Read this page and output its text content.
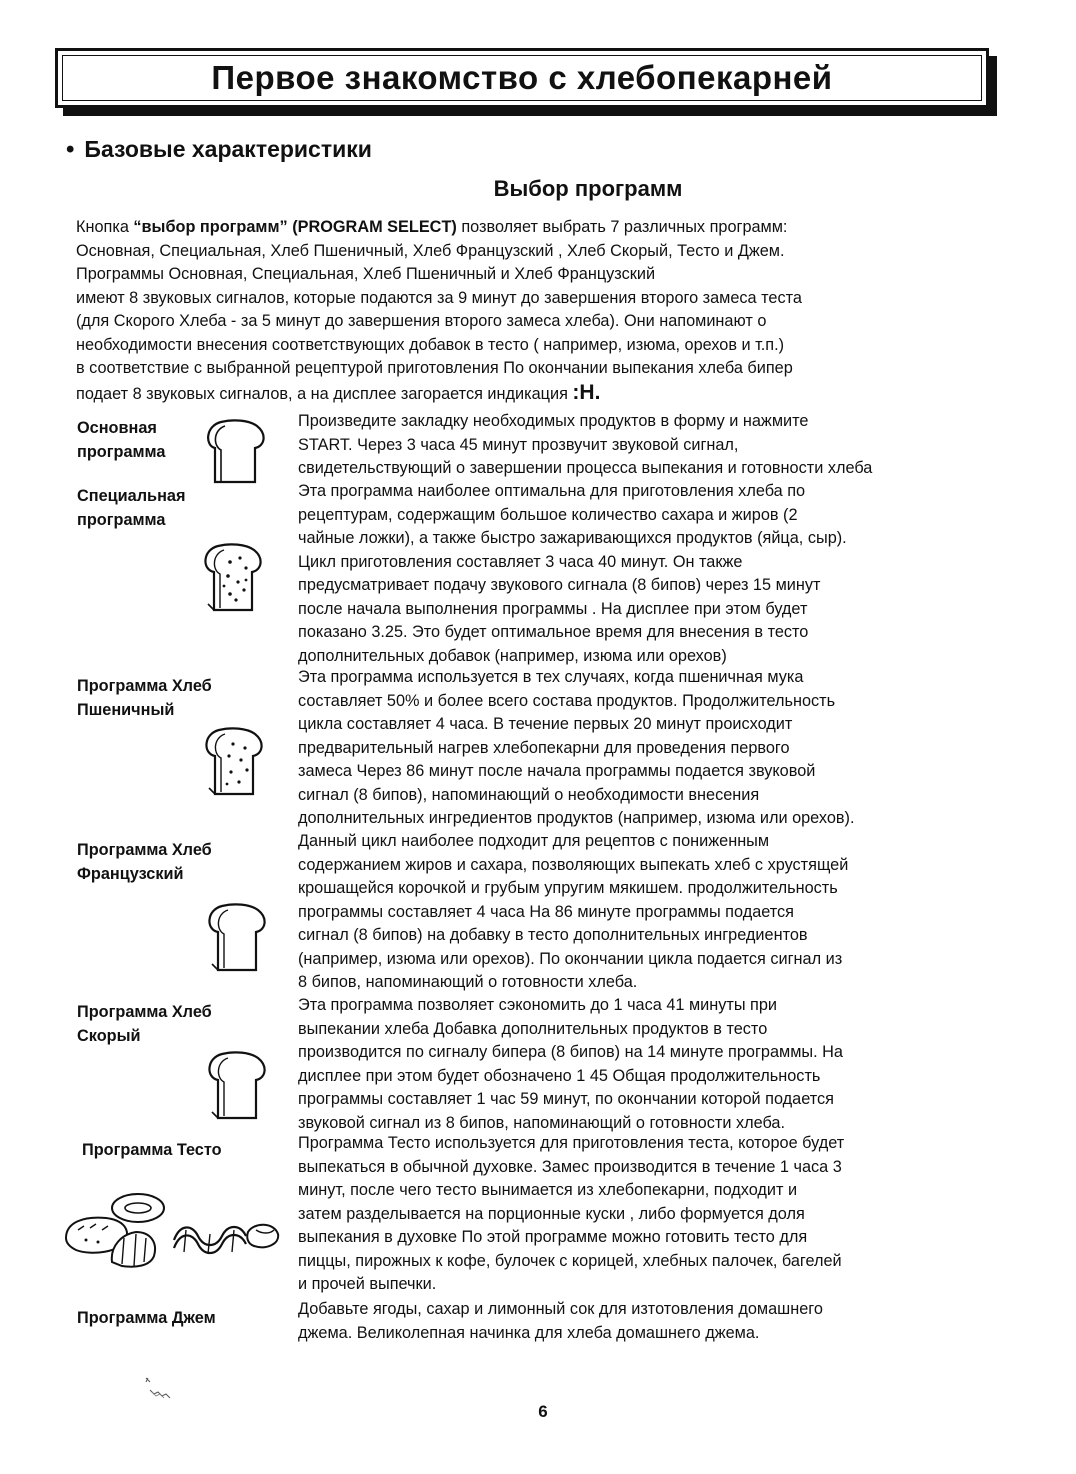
Первое знакомство с хлебопекарней
• Базовые характеристики
Выбор программ

Кнопка “выбор программ” (PROGRAM SELECT) позволяет выбрать 7 различных программ:

Основная, Специальная, Хлеб Пшеничный, Хлеб Французский , Хлеб Скорый, Тесто и Джем.

Программы Основная, Специальная, Хлеб Пшеничный и Хлеб Французский

имеют 8 звуковых сигналов, которые подаются за 9 минут до завершения второго замеса теста

(для Скорого Хлеба - за 5 минут до завершения второго замеса хлеба). Они напоминают о

необходимости внесения соответствующих добавок в тесто ( например, изюма, орехов и т.п.)

в соответствие с выбранной рецептурой приготовления По окончании выпекания хлеба бипер

подает 8 звуковых сигналов, а на дисплее загорается индикация :H.

Основная
программа

Произведите закладку необходимых продуктов в форму и нажмите

START. Через 3 часа 45 минут прозвучит звуковой сигнал,

свидетельствующий о завершении процесса выпекания и готовности хлеба

Специальная
программа

Эта программа наиболее оптимальна для приготовления хлеба по

рецептурам, содержащим большое количество сахара и жиров (2

чайные ложки), а также быстро зажаривающихся продуктов (яйца, сыр).

Цикл приготовления составляет 3 часа 40 минут. Он также

предусматривает подачу звукового сигнала (8 бипов) через 15 минут

после начала выполнения программы . На дисплее при этом будет

показано 3.25. Это будет оптимальное время для внесения в тесто

дополнительных добавок (например, изюма или орехов)

Программа Хлеб
Пшеничный

Эта программа используется в тех случаях, когда пшеничная мука

составляет 50% и более всего состава продуктов. Продолжительность

цикла составляет 4 часа. В течение первых 20 минут происходит

предварительный нагрев хлебопекарни для проведения первого

замеса Через 86 минут после начала программы подается звуковой

сигнал (8 бипов), напоминающий о необходимости внесения

дополнительных ингредиентов продуктов (например, изюма или орехов).

Программа Хлеб
Французский

Данный цикл наиболее подходит для рецептов с пониженным

содержанием жиров и сахара, позволяющих выпекать хлеб с хрустящей

крошащейся корочкой и грубым упругим мякишем. продолжительность

программы составляет 4 часа На 86 минуте программы подается

сигнал (8 бипов) на добавку в тесто дополнительных ингредиентов

(например, изюма или орехов). По окончании цикла подается сигнал из

8 бипов, напоминающий о готовности хлеба.

Программа Хлеб
Скорый

Эта программа позволяет сэкономить до 1 часа 41 минуты при

выпекании хлеба Добавка дополнительных продуктов в тесто

производится по сигналу бипера (8 бипов) на 14 минуте программы. На

дисплее при этом будет обозначено 1 45 Общая продолжительность

программы составляет 1 час 59 минут, по окончании которой подается

звуковой сигнал из 8 бипов, напоминающий о готовности хлеба.

Программа Тесто	Программа Тесто используется для приготовления теста, которое будет

выпекаться в обычной духовке. Замес производится в течение 1 часа 3

минут, после чего тесто вынимается из хлебопекарни, подходит и

затем разделывается на порционные куски , либо формуется доля

выпекания в духовке По этой программе можно готовить тесто для

пиццы, пирожных к кофе, булочек с корицей, хлебных палочек, багелей

и прочей выпечки.

Программа Джем	Добавьте ягоды, сахар и лимонный сок для изтотовления домашнего

джема. Великолепная начинка для хлеба домашнего джема.

6
